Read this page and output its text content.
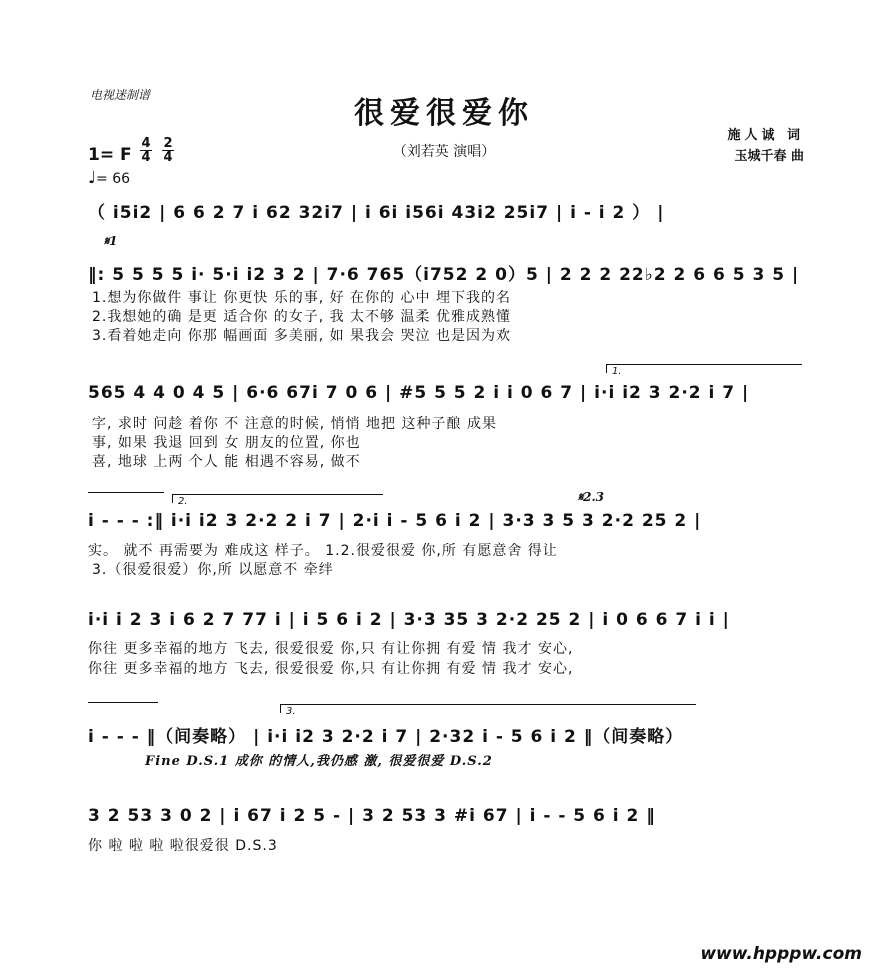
电视迷制谱
很爱很爱你
（刘若英 演唱）
施人诚 词
玉城千春 曲
1= F
4
4
2
4
♩= 66
（ i5i2 | 6 6 2 7 i 62 32i7 | i 6i i56i 43i2 25i7 | i - i 2 ） |
𝄋1
‖: 5 5 5 5 i· 5·i i2 3 2 | 7·6 765（i752 2 0）5 | 2 2 2 22♭2 2 6 6 5 3 5 |
1.想为你做件 事让 你更快 乐的事, 好 在你的 心中 埋下我的名
2.我想她的确 是更 适合你 的女子, 我 太不够 温柔 优雅成熟懂
3.看着她走向 你那 幅画面 多美丽, 如 果我会 哭泣 也是因为欢
1.
565 4 4 0 4 5 | 6·6 67i 7 0 6 | #5 5 5 2 i i 0 6 7 | i·i i2 3 2·2 i 7 |
字, 求时 问趁 着你 不 注意的时候, 悄悄 地把 这种子酿 成果
事, 如果 我退 回到 女 朋友的位置, 你也
喜, 地球 上两 个人 能 相遇不容易, 做不
2.	𝄋2.3
i - - - :‖ i·i i2 3 2·2 2 i 7 | 2·i i - 5 6 i 2 | 3·3 3 5 3 2·2 25 2 |
实。 就不 再需要为 难成这 样子。 1.2.很爱很爱 你,所 有愿意舍 得让
3.（很爱很爱）你,所 以愿意不 牵绊
i·i i 2 3 i 6 2 7 77 i | i 5 6 i 2 | 3·3 35 3 2·2 25 2 | i 0 6 6 7 i i |
你往 更多幸福的地方 飞去, 很爱很爱 你,只 有让你拥 有爱 情 我才 安心,
你往 更多幸福的地方 飞去, 很爱很爱 你,只 有让你拥 有爱 情 我才 安心,
3.
i - - - ‖（间奏略） | i·i i2 3 2·2 i 7 | 2·32 i - 5 6 i 2 ‖（间奏略）
Fine D.S.1 成你 的情人,我仍感 激, 很爱很爱 D.S.2
3 2 53 3 0 2 | i 67 i 2 5 - | 3 2 53 3 #i 67 | i - - 5 6 i 2 ‖
你 啦 啦 啦 啦很爱很 D.S.3
www.hpppw.com
